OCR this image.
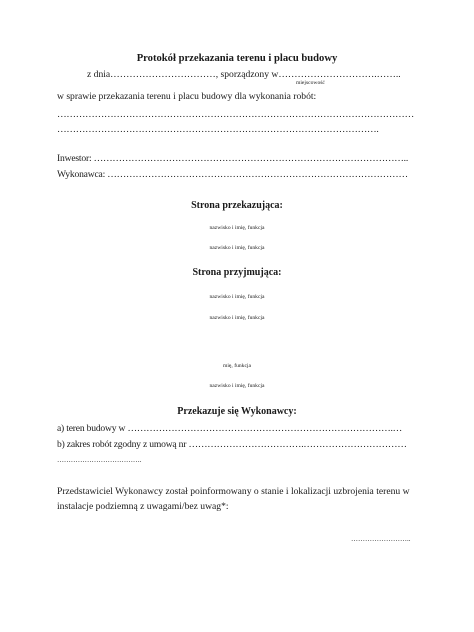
Protokół przekazania terenu i placu budowy
z dnia……………………………, sporządzony w………………………….……..
miejscowość
w sprawie przekazania terenu i placu budowy dla wykonania robót:
……………………………………………………………………………………………………
………………………………………………………………………………………….
Inwestor: ………………………………………………………………………………………..
Wykonawca: ……………………………………………………………………………………
Strona przekazująca:
nazwisko i imię, funkcja
nazwisko i imię, funkcja
Strona przyjmująca:
nazwisko i imię, funkcja
nazwisko i imię, funkcja
mię, funkcja
nazwisko i imię, funkcja
Przekazuje się Wykonawcy:
a) teren budowy w ………………………………………………………………………….…
b) zakres robót zgodny z umową nr ……………………………….……………………………
……………………………….
Przedstawiciel Wykonawcy został poinformowany o stanie i lokalizacji uzbrojenia terenu w
instalacje podziemną z uwagami/bez uwag*:
……………………..
